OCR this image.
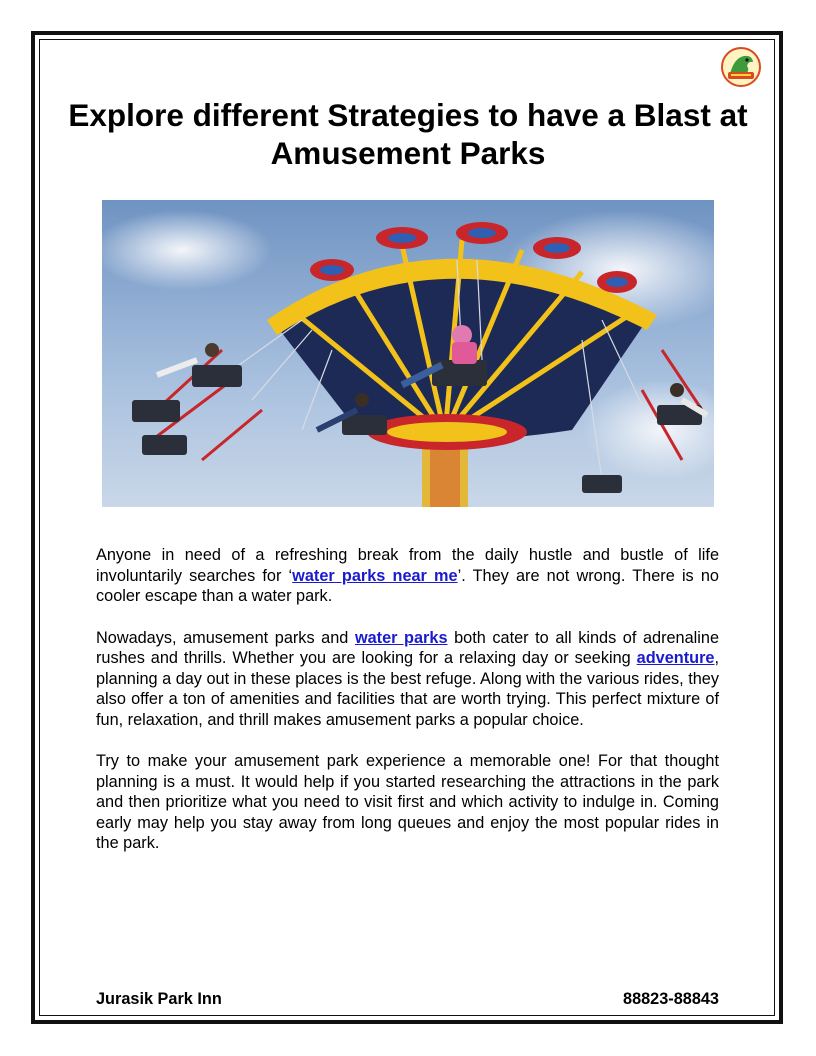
Explore different Strategies to have a Blast at Amusement Parks

Anyone in need of a refreshing break from the daily hustle and bustle of life involuntarily searches for ‘water parks near me’. They are not wrong. There is no cooler escape than a water park.

Nowadays, amusement parks and water parks both cater to all kinds of adrenaline rushes and thrills. Whether you are looking for a relaxing day or seeking adventure, planning a day out in these places is the best refuge. Along with the various rides, they also offer a ton of amenities and facilities that are worth trying. This perfect mixture of fun, relaxation, and thrill makes amusement parks a popular choice.

Try to make your amusement park experience a memorable one! For that thought planning is a must. It would help if you started researching the attractions in the park and then prioritize what you need to visit first and which activity to indulge in. Coming early may help you stay away from long queues and enjoy the most popular rides in the park.

Jurasik Park Inn	88823-88843
